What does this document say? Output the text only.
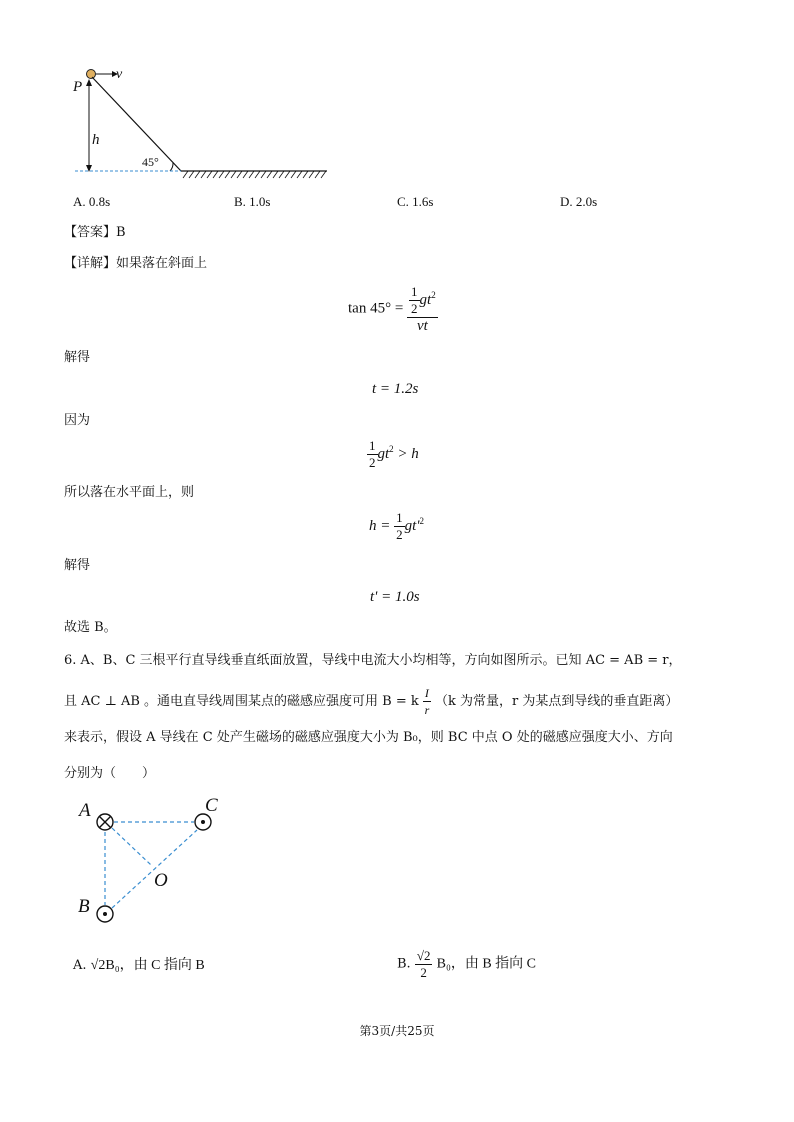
P
v
h
45°
A. 0.8s	B. 1.0s	C. 1.6s	D. 2.0s
【答案】B
【详解】如果落在斜面上
$\tan 45^\circ = \frac{\frac{1}{2} gt^2}{vt}$
解得
t = 1.2s
因为
$\frac{1}{2} gt^2 > h$
所以落在水平面上，则
$h = \frac{1}{2} gt'^2$
解得
t' = 1.0s
故选 B。
6. A、B、C 三根平行直导线垂直纸面放置，导线中电流大小均相等，方向如图所示。已知 AC = AB = r，
且 AC ⊥ AB 。通电直导线周围某点的磁感应强度可用 B = k $\frac{I}{r} (k$ 为常量，r 为某点到导线的垂直距离）
来表示，假设 A 导线在 C 处产生磁场的磁感应强度大小为 B₀，则 BC 中点 O 处的磁感应强度大小、方向
分别为（　　）
A	C
B
O
A. √2B₀，由 C 指向 B	B. $\frac{√2}{2} B_0$，由 B 指向 C
第3页/共25页
